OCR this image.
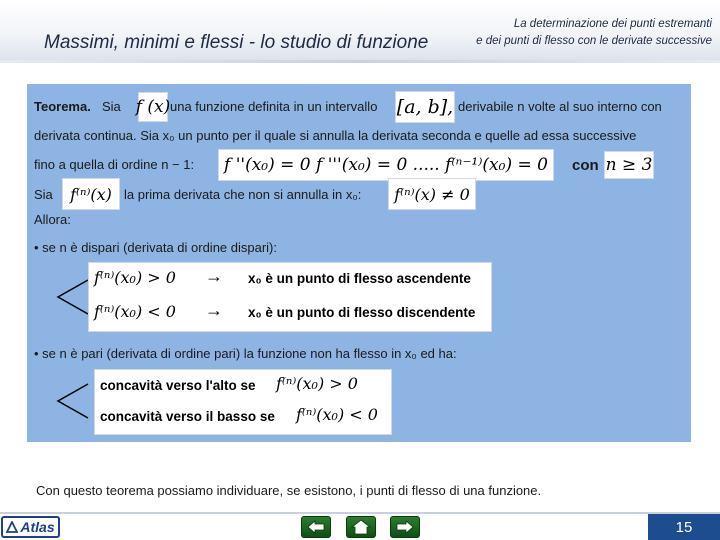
Massimi, minimi e flessi - lo studio di funzione
La determinazione dei punti estremanti
e dei punti di flesso con le derivate successive
Teorema. Sia f (x) una funzione definita in un intervallo [a, b], derivabile n volte al suo interno con
derivata continua. Sia x₀ un punto per il quale si annulla la derivata seconda e quelle ad essa successive
fino a quella di ordine n − 1:	f ''(x₀) = 0 f '''(x₀) = 0 ..... f⁽ⁿ⁻¹⁾(x₀) = 0	con n ≥ 3
Sia	f⁽ⁿ⁾(x) la prima derivata che non si annulla in x₀:	f⁽ⁿ⁾(x) ≠ 0
Allora:
• se n è dispari (derivata di ordine dispari):
f⁽ⁿ⁾(x₀) > 0 → x₀ è un punto di flesso ascendente
f⁽ⁿ⁾(x₀) < 0 → x₀ è un punto di flesso discendente
• se n è pari (derivata di ordine pari) la funzione non ha flesso in x₀ ed ha:
concavità verso l'alto se f⁽ⁿ⁾(x₀) > 0
concavità verso il basso se f⁽ⁿ⁾(x₀) < 0
Con questo teorema possiamo individuare, se esistono, i punti di flesso di una funzione.
Atlas	15
